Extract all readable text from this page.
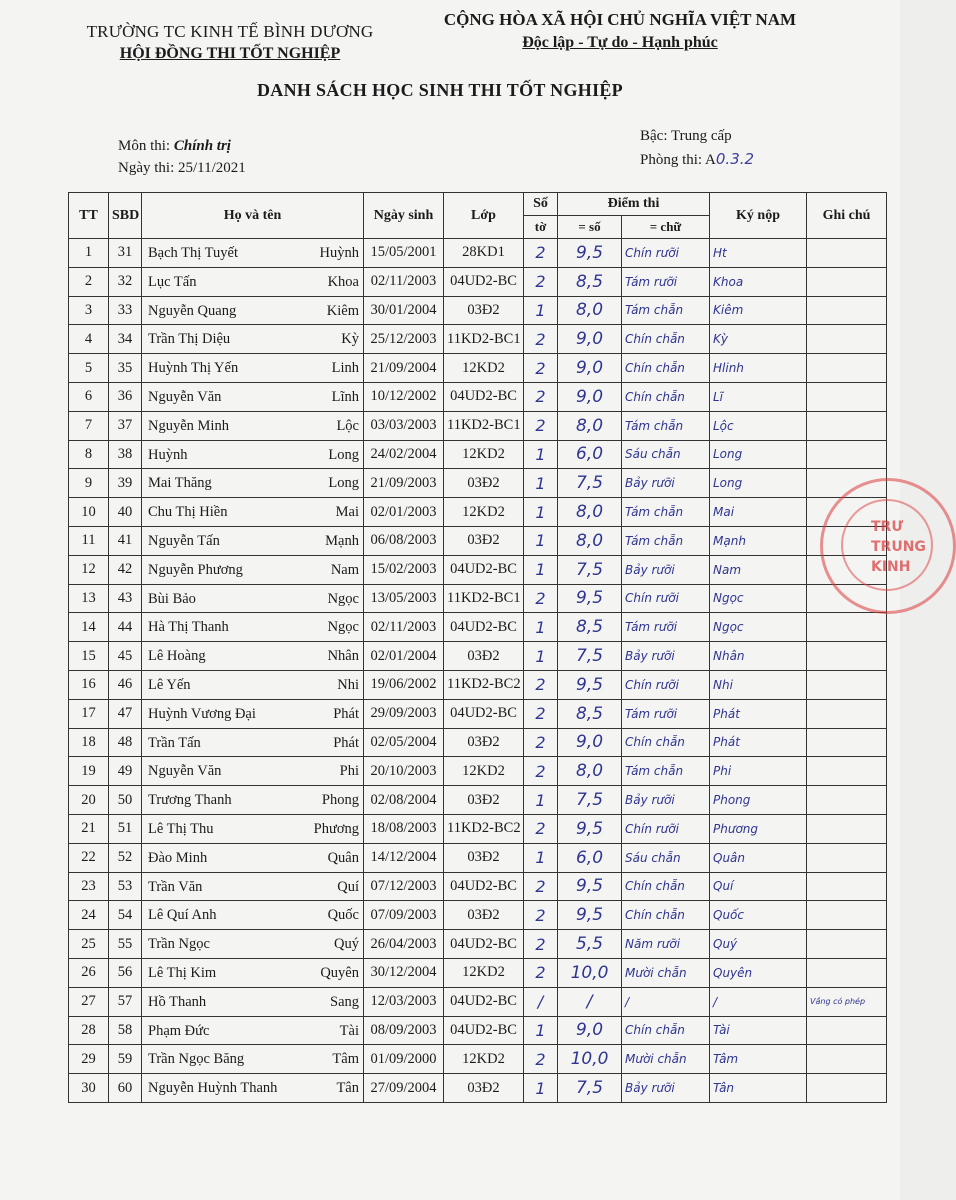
TRƯỜNG TC KINH TẾ BÌNH DƯƠNG
HỘI ĐỒNG THI TỐT NGHIỆP
CỘNG HÒA XÃ HỘI CHỦ NGHĨA VIỆT NAM
Độc lập - Tự do - Hạnh phúc
DANH SÁCH HỌC SINH THI TỐT NGHIỆP
Môn thi: Chính trị
Ngày thi: 25/11/2021
Bậc: Trung cấp
Phòng thi: A0.3.2
TT	SBD	Họ và tên	Ngày sinh	Lớp	Số	Điểm thi		Ký nộp	Ghi chú
					tờ	= số	= chữ		
1	31	Bạch Thị Tuyết Huỳnh	15/05/2001	28KD1	2	9,5	Chín rưỡi	Ht	
2	32	Lục Tấn Khoa	02/11/2003	04UD2-BC	2	8,5	Tám rưỡi	Khoa	
3	33	Nguyễn Quang Kiêm	30/01/2004	03Đ2	1	8,0	Tám chẵn	Kiêm	
4	34	Trần Thị Diệu Kỳ	25/12/2003	11KD2-BC1	2	9,0	Chín chẵn	Kỳ	
5	35	Huỳnh Thị Yến Linh	21/09/2004	12KD2	2	9,0	Chín chẵn	Hlinh	
6	36	Nguyễn Văn Lĩnh	10/12/2002	04UD2-BC	2	9,0	Chín chẵn	Lĩ	
7	37	Nguyễn Minh Lộc	03/03/2003	11KD2-BC1	2	8,0	Tám chẵn	Lộc	
8	38	Huỳnh Long	24/02/2004	12KD2	1	6,0	Sáu chẵn	Long	
9	39	Mai Thăng Long	21/09/2003	03Đ2	1	7,5	Bảy rưỡi	Long	
10	40	Chu Thị Hiền Mai	02/01/2003	12KD2	1	8,0	Tám chẵn	Mai	
11	41	Nguyễn Tấn Mạnh	06/08/2003	03Đ2	1	8,0	Tám chẵn	Mạnh	
12	42	Nguyễn Phương Nam	15/02/2003	04UD2-BC	1	7,5	Bảy rưỡi	Nam	
13	43	Bùi Bảo Ngọc	13/05/2003	11KD2-BC1	2	9,5	Chín rưỡi	Ngọc	
14	44	Hà Thị Thanh Ngọc	02/11/2003	04UD2-BC	1	8,5	Tám rưỡi	Ngọc	
15	45	Lê Hoàng Nhân	02/01/2004	03Đ2	1	7,5	Bảy rưỡi	Nhân	
16	46	Lê Yến Nhi	19/06/2002	11KD2-BC2	2	9,5	Chín rưỡi	Nhi	
17	47	Huỳnh Vương Đại Phát	29/09/2003	04UD2-BC	2	8,5	Tám rưỡi	Phát	
18	48	Trần Tấn Phát	02/05/2004	03Đ2	2	9,0	Chín chẵn	Phát	
19	49	Nguyễn Văn Phi	20/10/2003	12KD2	2	8,0	Tám chẵn	Phi	
20	50	Trương Thanh Phong	02/08/2004	03Đ2	1	7,5	Bảy rưỡi	Phong	
21	51	Lê Thị Thu Phương	18/08/2003	11KD2-BC2	2	9,5	Chín rưỡi	Phương	
22	52	Đào Minh Quân	14/12/2004	03Đ2	1	6,0	Sáu chẵn	Quân	
23	53	Trần Văn Quí	07/12/2003	04UD2-BC	2	9,5	Chín chẵn	Quí	
24	54	Lê Quí Anh Quốc	07/09/2003	03Đ2	2	9,5	Chín chẵn	Quốc	
25	55	Trần Ngọc Quý	26/04/2003	04UD2-BC	2	5,5	Năm rưỡi	Quý	
26	56	Lê Thị Kim Quyên	30/12/2004	12KD2	2	10,0	Mười chẵn	Quyên	
27	57	Hồ Thanh Sang	12/03/2003	04UD2-BC	/	/	/	/	Vắng có phép
28	58	Phạm Đức Tài	08/09/2003	04UD2-BC	1	9,0	Chín chẵn	Tài	
29	59	Trần Ngọc Băng Tâm	01/09/2000	12KD2	2	10,0	Mười chẵn	Tâm	
30	60	Nguyễn Huỳnh Thanh Tân	27/09/2004	03Đ2	1	7,5	Bảy rưỡi	Tân	
TRƯ
TRUNG
KINH
